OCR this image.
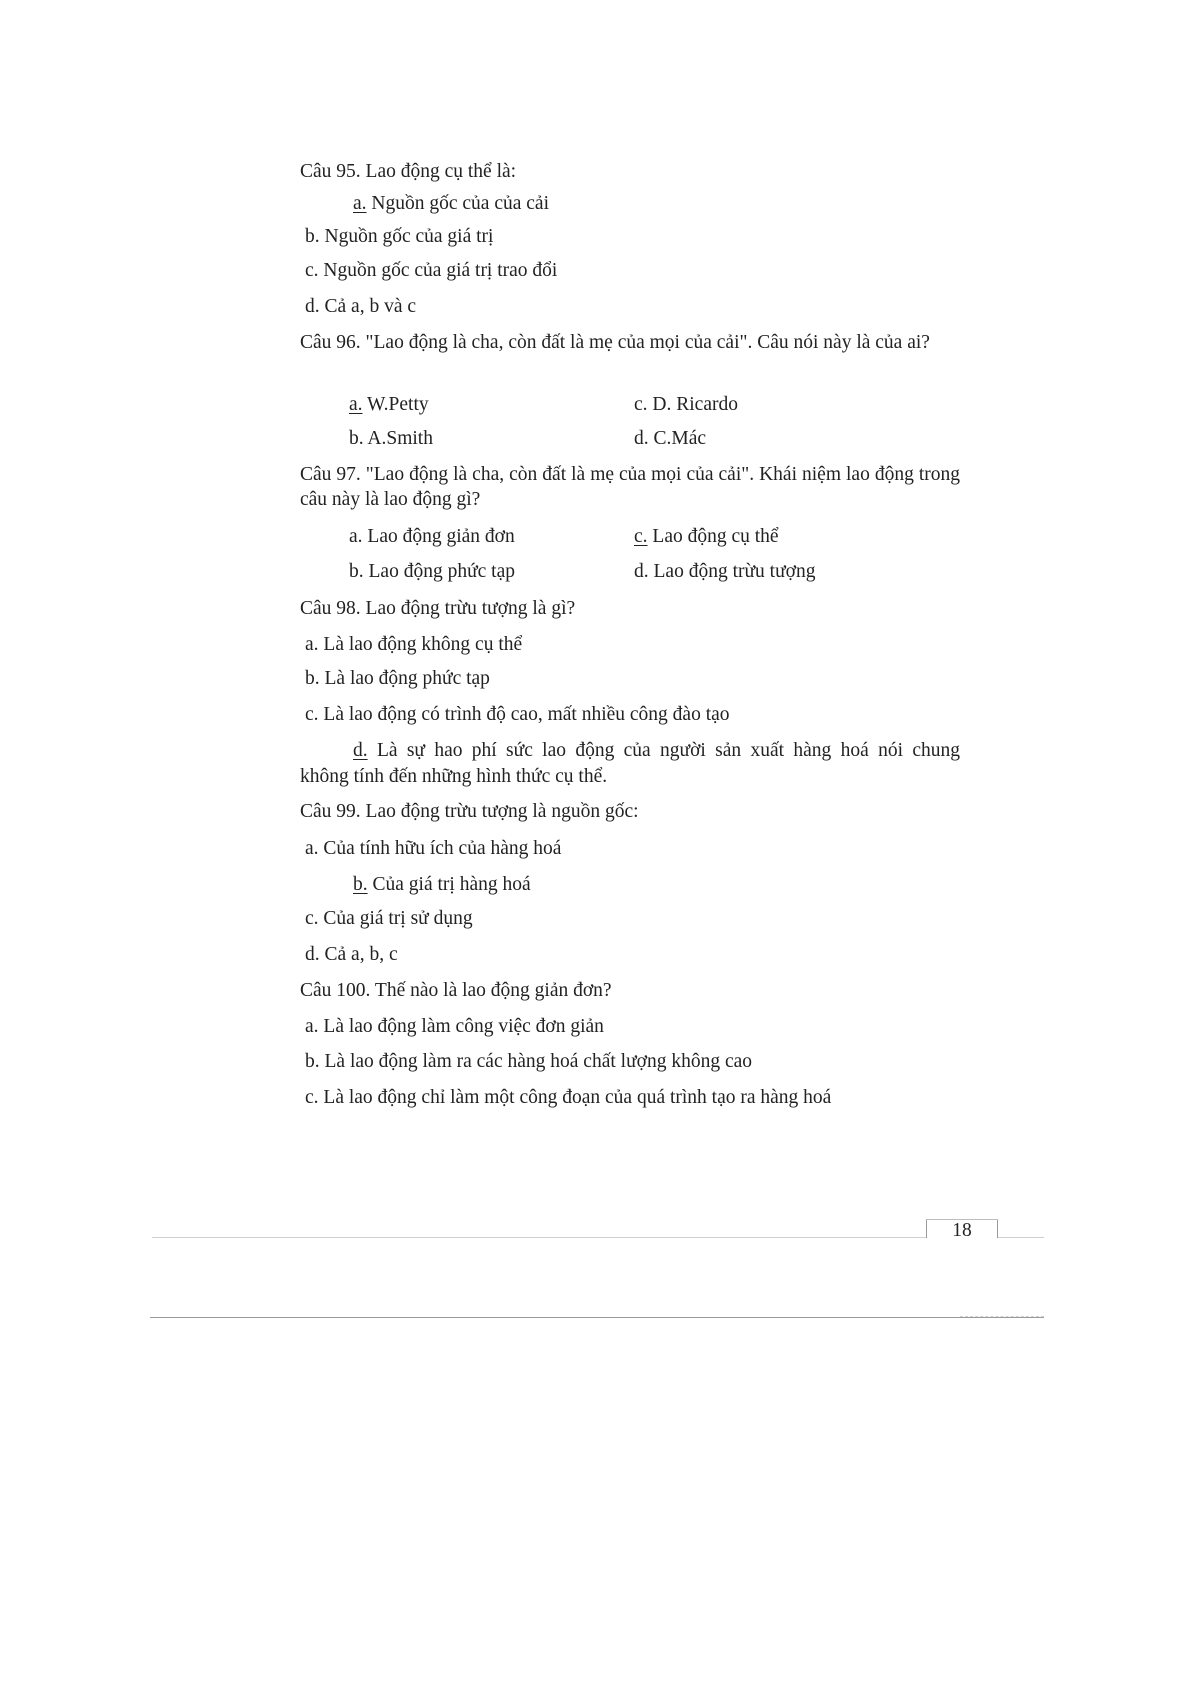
Câu 95. Lao động cụ thể là:
a. Nguồn gốc của của cải
b. Nguồn gốc của giá trị
c. Nguồn gốc của giá trị trao đổi
d. Cả a, b và c
Câu 96. "Lao động là cha, còn đất là mẹ của mọi của cải". Câu nói này là của ai?
a. W.Petty	c. D. Ricardo
b. A.Smith	d. C.Mác
Câu 97. "Lao động là cha, còn đất là mẹ của mọi của cải". Khái niệm lao động trong câu này là lao động gì?
a. Lao động giản đơn	c. Lao động cụ thể
b. Lao động phức tạp	d. Lao động trừu tượng
Câu 98. Lao động trừu tượng là gì?
a. Là lao động không cụ thể
b. Là lao động phức tạp
c. Là lao động có trình độ cao, mất nhiều công đào tạo
d. Là sự hao phí sức lao động của người sản xuất hàng hoá nói chung
không tính đến những hình thức cụ thể.
Câu 99. Lao động trừu tượng là nguồn gốc:
a. Của tính hữu ích của hàng hoá
b. Của giá trị hàng hoá
c. Của giá trị sử dụng
d. Cả a, b, c
Câu 100. Thế nào là lao động giản đơn?
a. Là lao động làm công việc đơn giản
b. Là lao động làm ra các hàng hoá chất lượng không cao
c. Là lao động chỉ làm một công đoạn của quá trình tạo ra hàng hoá
18
